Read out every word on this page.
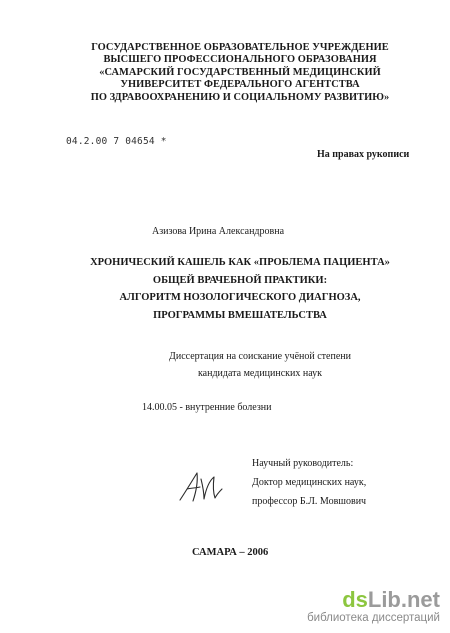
ГОСУДАРСТВЕННОЕ ОБРАЗОВАТЕЛЬНОЕ УЧРЕЖДЕНИЕ
ВЫСШЕГО ПРОФЕССИОНАЛЬНОГО ОБРАЗОВАНИЯ
«САМАРСКИЙ ГОСУДАРСТВЕННЫЙ МЕДИЦИНСКИЙ
УНИВЕРСИТЕТ ФЕДЕРАЛЬНОГО АГЕНТСТВА
ПО ЗДРАВООХРАНЕНИЮ И СОЦИАЛЬНОМУ РАЗВИТИЮ»
04.2.00 7 04654 *
На правах рукописи
Азизова Ирина Александровна
ХРОНИЧЕСКИЙ КАШЕЛЬ КАК «ПРОБЛЕМА ПАЦИЕНТА»
ОБЩЕЙ ВРАЧЕБНОЙ ПРАКТИКИ:
АЛГОРИТМ НОЗОЛОГИЧЕСКОГО ДИАГНОЗА,
ПРОГРАММЫ ВМЕШАТЕЛЬСТВА
Диссертация на соискание учёной степени
кандидата медицинских наук
14.00.05 - внутренние болезни
Научный руководитель:
Доктор медицинских наук,
профессор Б.Л. Мовшович
САМАРА – 2006
dsLib.net
библиотека диссертаций
